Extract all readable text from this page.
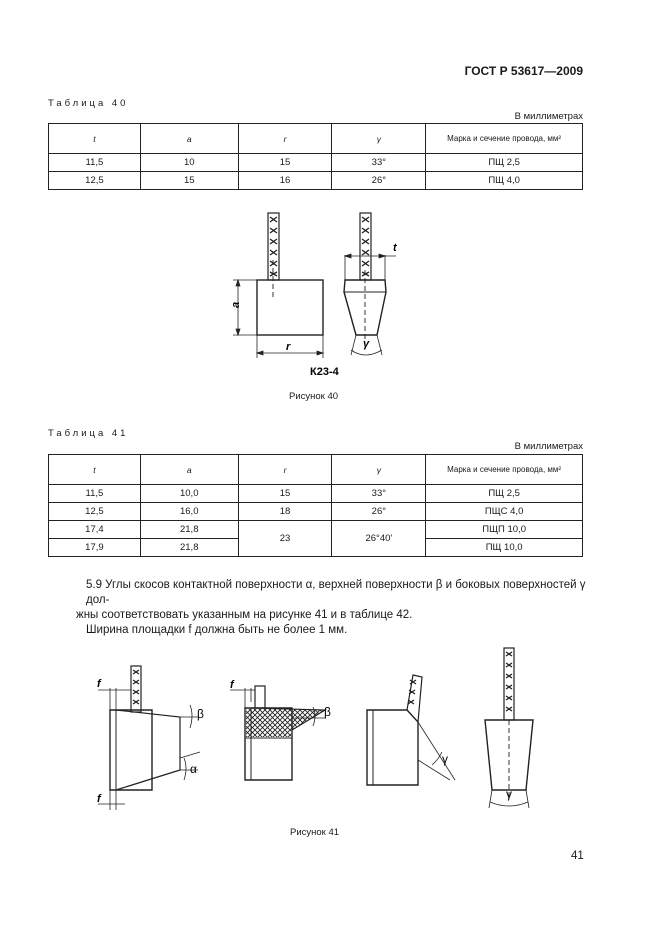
ГОСТ Р 53617—2009
Таблица 40
В миллиметрах
t	a	r	γ	Марка и сечение провода, мм²
11,5	10	15	33°	ПЩ 2,5
12,5	15	16	26°	ПЩ 4,0
a
r
t
γ
К23-4
Рисунок 40
Таблица 41
В миллиметрах
t	a	r	γ	Марка и сечение провода, мм²
11,5	10,0	15	33°	ПЩ 2,5
12,5	16,0	18	26°	ПЩС 4,0
17,4	21,8	23	26°40'	ПЩП 10,0
17,9	21,8			ПЩ 10,0
5.9 Углы скосов контактной поверхности α, верхней поверхности β и боковых поверхностей γ дол-
жны соответствовать указанным на рисунке 41 и в таблице 42.
Ширина площадки f должна быть не более 1 мм.
f
f
β
α
f
β
γ
γ
Рисунок 41
41
